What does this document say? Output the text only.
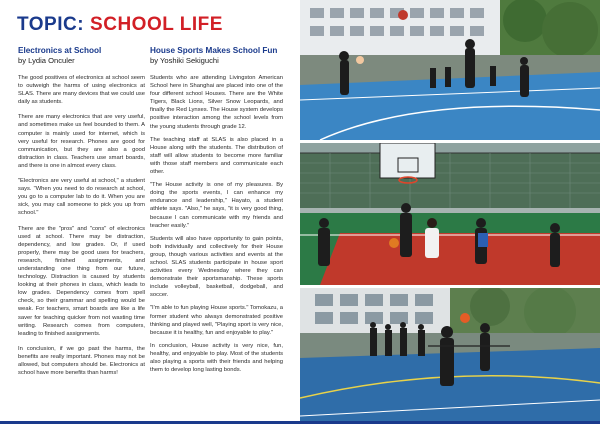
TOPIC: SCHOOL LIFE
Electronics at School
by Lydia Onculer

The good positives of electronics at school seem to outweigh the harms of using electronics at SLAS. There are many devices that we could use daily as students.

There are many electronics that are very useful, and sometimes make us feel bounded to them. A computer is mainly used for internet, which is very useful for research. Phones are good for communication, but they are also a good distraction in class. Teachers use smart boards, and there is one in almost every class.

"Electronics are very useful at school," a student says. "When you need to do research at school, you go to a computer lab to do it. When you are sick, you may call someone to pick you up from school."

There are the "pros" and "cons" of electronics used at school. There may be distraction, dependency, and low grades. Or, if used properly, there may be good uses for teachers, research, finished assignments, and understanding one thing from our future, technology. Distraction is caused by students looking at their phones in class, which leads to low grades. Dependency comes from spell check, so their grammar and spelling would be weak. For teachers, smart boards are like a life saver for teaching quicker from not wasting time writing. Research comes from computers, leading to finished assignments.

In conclusion, if we go past the harms, the benefits are really important. Phones may not be allowed, but computers should be. Electronics at school have more benefits than harms!

House Sports Makes School Fun
by Yoshiki Sekiguchi

Students who are attending Livingston American School here in Shanghai are placed into one of the four different school Houses. There are the White Tigers, Black Lions, Silver Snow Leopards, and finally the Red Lynxes. The House system develops positive interaction among the school levels from the young students through grade 12.

The teaching staff at SLAS is also placed in a House along with the students. The distribution of staff will allow students to become more familiar with those staff members and communicate each other.

"The House activity is one of my pleasures. By doing the sports events, I can enhance my endurance and leadership," Hayato, a student athlete says. "Also," he says, "it is very good thing, because I can communicate with my friends and teacher easily."

Students will also have opportunity to gain points, both individually and collectively for their House group, though various activities and events at the school. SLAS students participate in house sport activities every Wednesday where they can demonstrate their sportsmanship. These sports include volleyball, basketball, dodgeball, and soccer.

"I'm able to fun playing House sports." Tomokazu, a former student who always demonstrated positive thinking and played well, "Playing sport is very nice, because it is healthy, fun and enjoyable to play."

In conclusion, House activity is very nice, fun, healthy, and enjoyable to play. Most of the students also playing a sports with their friends and helping them to develop long lasting bonds.
